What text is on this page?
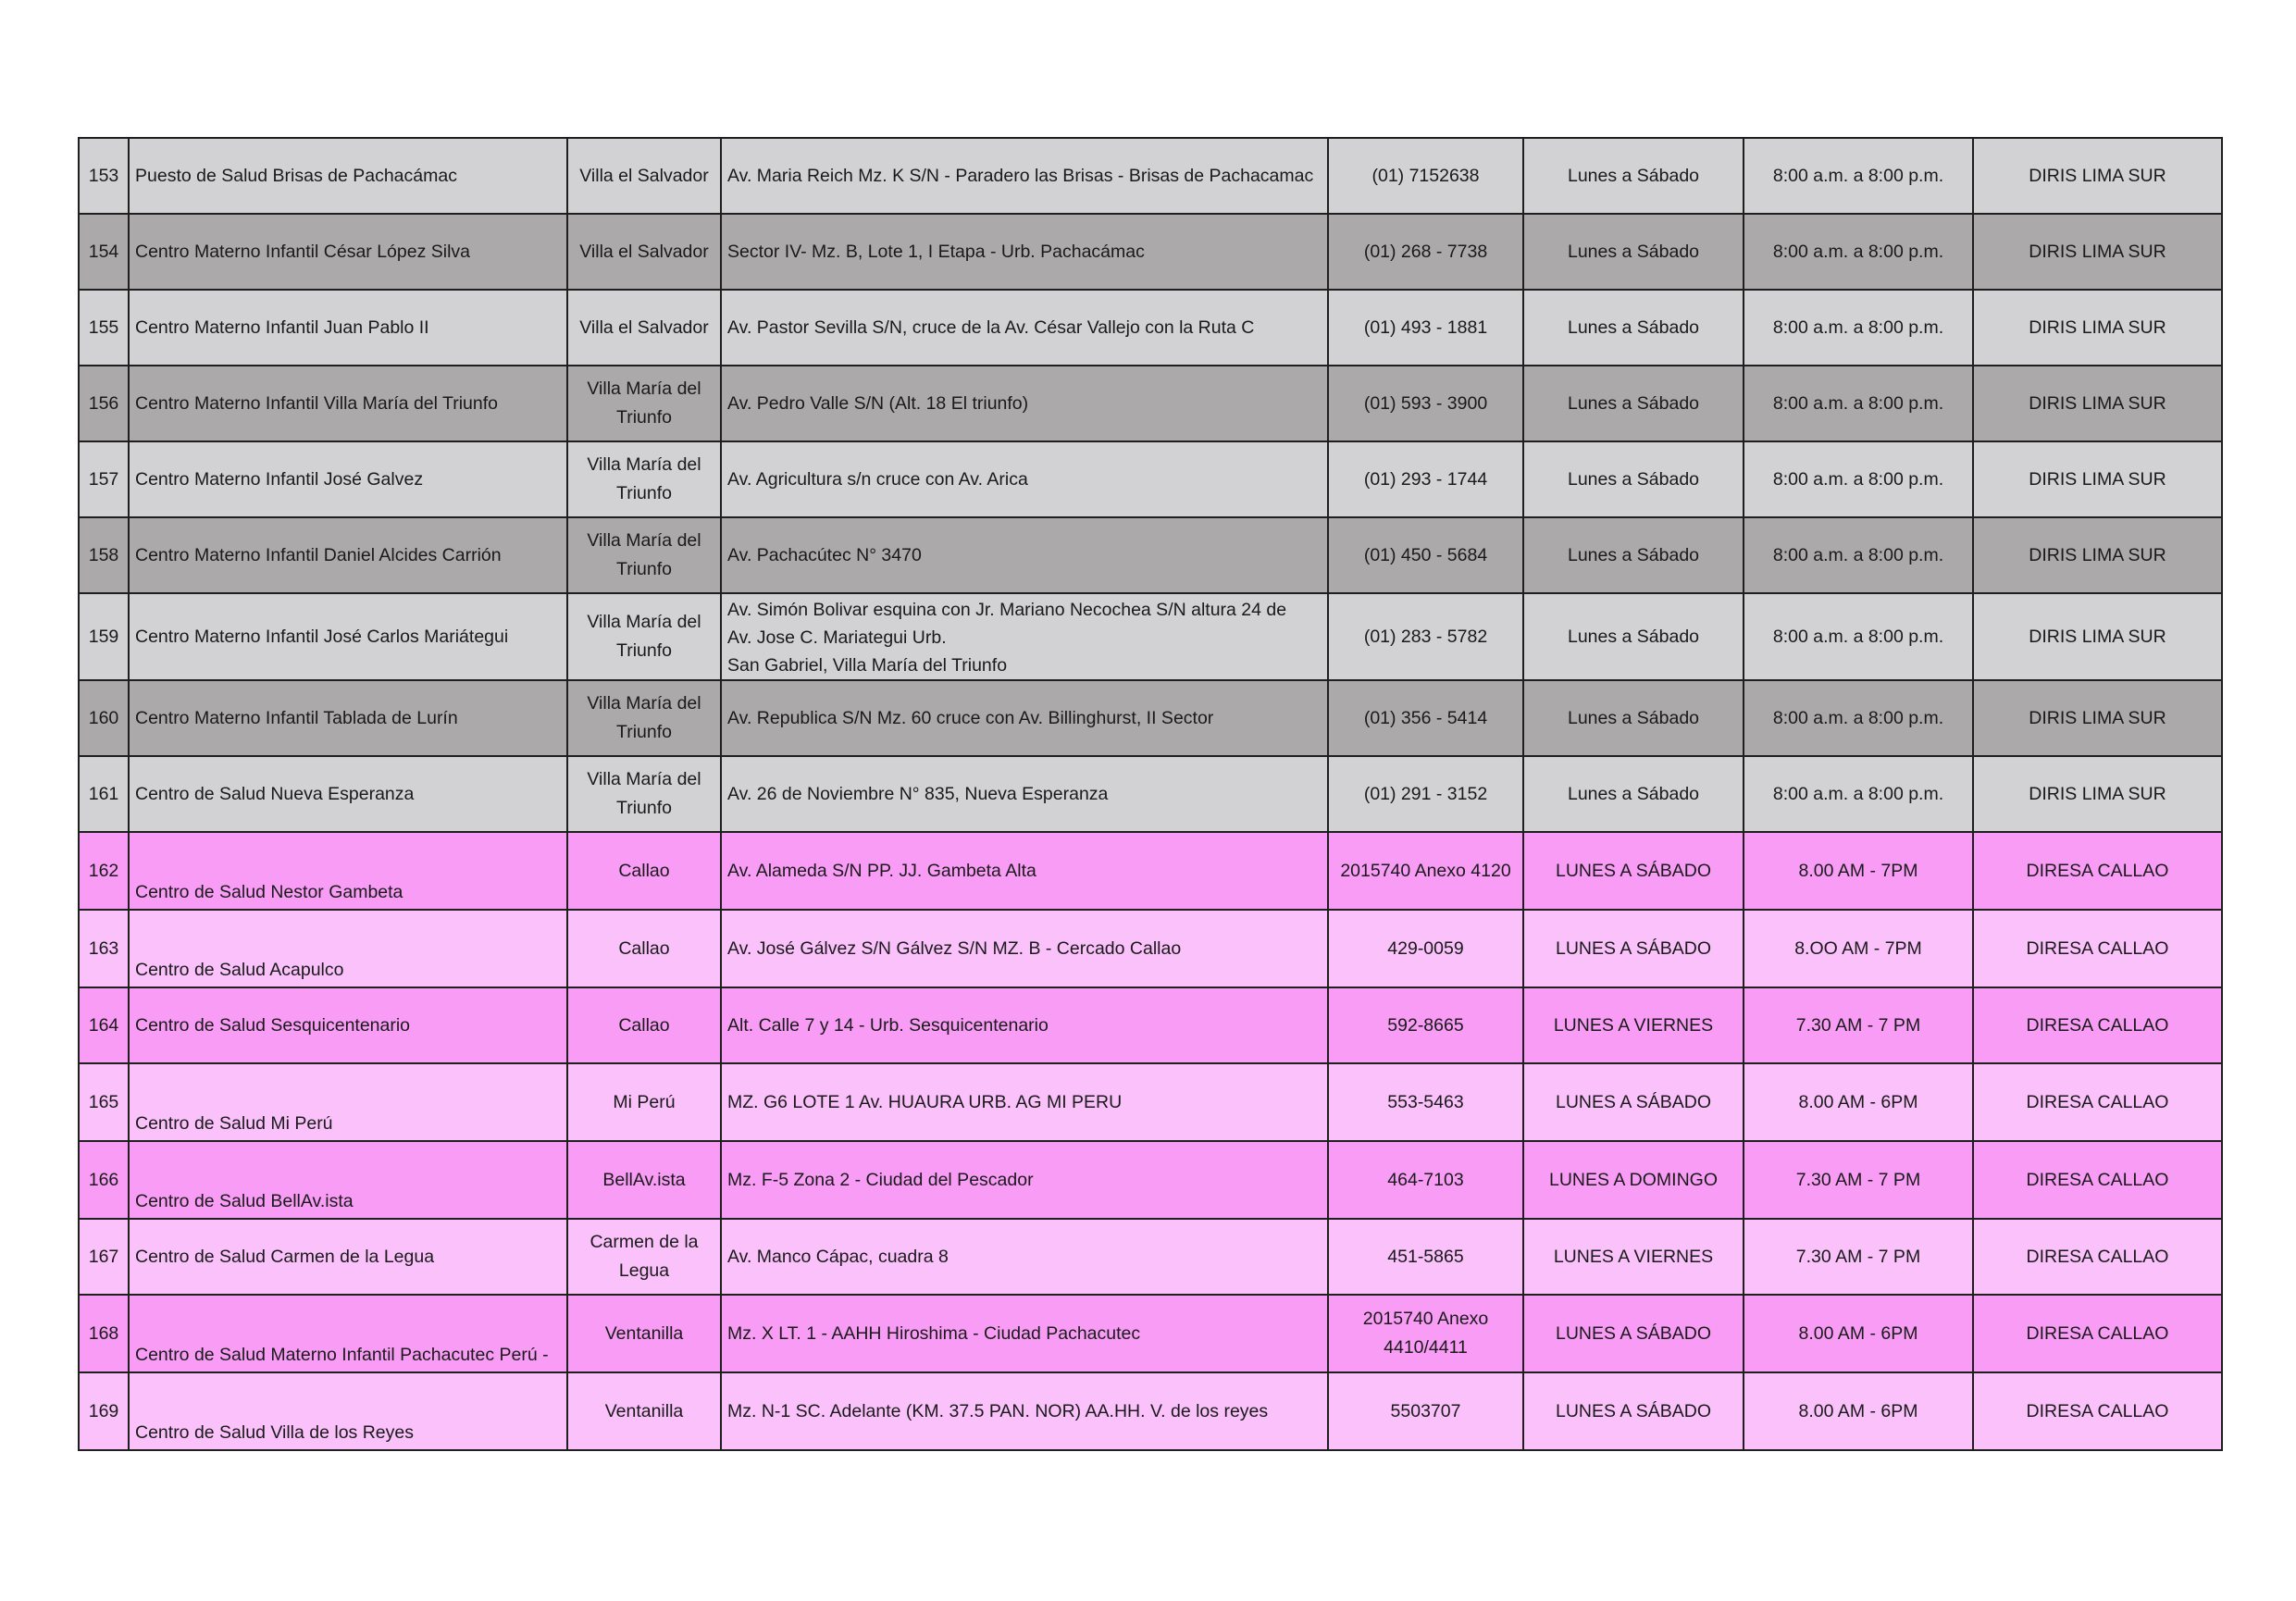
153	Puesto de Salud Brisas de Pachacámac	Villa el Salvador	Av. Maria Reich Mz. K S/N - Paradero las Brisas - Brisas de Pachacamac	(01) 7152638	Lunes a Sábado	8:00 a.m. a 8:00 p.m.	DIRIS LIMA SUR
154	Centro Materno Infantil César López Silva	Villa el Salvador	Sector IV- Mz. B, Lote 1, I Etapa - Urb. Pachacámac	(01) 268 - 7738	Lunes a Sábado	8:00 a.m. a 8:00 p.m.	DIRIS LIMA SUR
155	Centro Materno Infantil Juan Pablo II	Villa el Salvador	Av. Pastor Sevilla S/N, cruce de la Av. César Vallejo con la Ruta C	(01) 493 - 1881	Lunes a Sábado	8:00 a.m. a 8:00 p.m.	DIRIS LIMA SUR
156	Centro Materno Infantil Villa María del Triunfo	Villa María del Triunfo	Av. Pedro Valle S/N (Alt. 18 El triunfo)	(01) 593 - 3900	Lunes a Sábado	8:00 a.m. a 8:00 p.m.	DIRIS LIMA SUR
157	Centro Materno Infantil José Galvez	Villa María del Triunfo	Av. Agricultura s/n cruce con Av. Arica	(01) 293 - 1744	Lunes a Sábado	8:00 a.m. a 8:00 p.m.	DIRIS LIMA SUR
158	Centro Materno Infantil Daniel Alcides Carrión	Villa María del Triunfo	Av. Pachacútec N° 3470	(01) 450 - 5684	Lunes a Sábado	8:00 a.m. a 8:00 p.m.	DIRIS LIMA SUR
159	Centro Materno Infantil José Carlos Mariátegui	Villa María del Triunfo	Av. Simón Bolivar esquina con Jr. Mariano Necochea S/N altura 24 de
Av. Jose C. Mariategui Urb.
San Gabriel, Villa María del Triunfo	(01) 283 - 5782	Lunes a Sábado	8:00 a.m. a 8:00 p.m.	DIRIS LIMA SUR
160	Centro Materno Infantil Tablada de Lurín	Villa María del Triunfo	Av. Republica S/N Mz. 60 cruce con Av. Billinghurst, II Sector	(01) 356 - 5414	Lunes a Sábado	8:00 a.m. a 8:00 p.m.	DIRIS LIMA SUR
161	Centro de Salud Nueva Esperanza	Villa María del Triunfo	Av. 26 de Noviembre N° 835, Nueva Esperanza	(01) 291 - 3152	Lunes a Sábado	8:00 a.m. a 8:00 p.m.	DIRIS LIMA SUR
162	Centro de Salud Nestor Gambeta	Callao	Av. Alameda S/N PP. JJ. Gambeta Alta	2015740 Anexo 4120	LUNES A SÁBADO	8.00 AM - 7PM	DIRESA CALLAO
163	Centro de Salud Acapulco	Callao	Av. José Gálvez S/N Gálvez S/N MZ. B - Cercado Callao	429-0059	LUNES A SÁBADO	8.OO AM - 7PM	DIRESA CALLAO
164	Centro de Salud Sesquicentenario	Callao	Alt. Calle 7 y 14 - Urb. Sesquicentenario	592-8665	LUNES A VIERNES	7.30 AM - 7 PM	DIRESA CALLAO
165	Centro de Salud Mi Perú	Mi Perú	MZ. G6 LOTE 1 Av. HUAURA URB. AG MI PERU	553-5463	LUNES A SÁBADO	8.00 AM - 6PM	DIRESA CALLAO
166	Centro de Salud BellAv.ista	BellAv.ista	Mz. F-5 Zona 2 - Ciudad del Pescador	464-7103	LUNES A DOMINGO	7.30 AM - 7 PM	DIRESA CALLAO
167	Centro de Salud Carmen de la Legua	Carmen de la Legua	Av. Manco Cápac, cuadra 8	451-5865	LUNES A VIERNES	7.30 AM - 7 PM	DIRESA CALLAO
168	Centro de Salud Materno Infantil Pachacutec Perú -	Ventanilla	Mz. X LT. 1 - AAHH Hiroshima - Ciudad Pachacutec	2015740 Anexo
4410/4411	LUNES A SÁBADO	8.00 AM - 6PM	DIRESA CALLAO
169	Centro de Salud Villa de los Reyes	Ventanilla	Mz. N-1 SC. Adelante (KM. 37.5 PAN. NOR) AA.HH. V. de los reyes	5503707	LUNES A SÁBADO	8.00 AM - 6PM	DIRESA CALLAO
